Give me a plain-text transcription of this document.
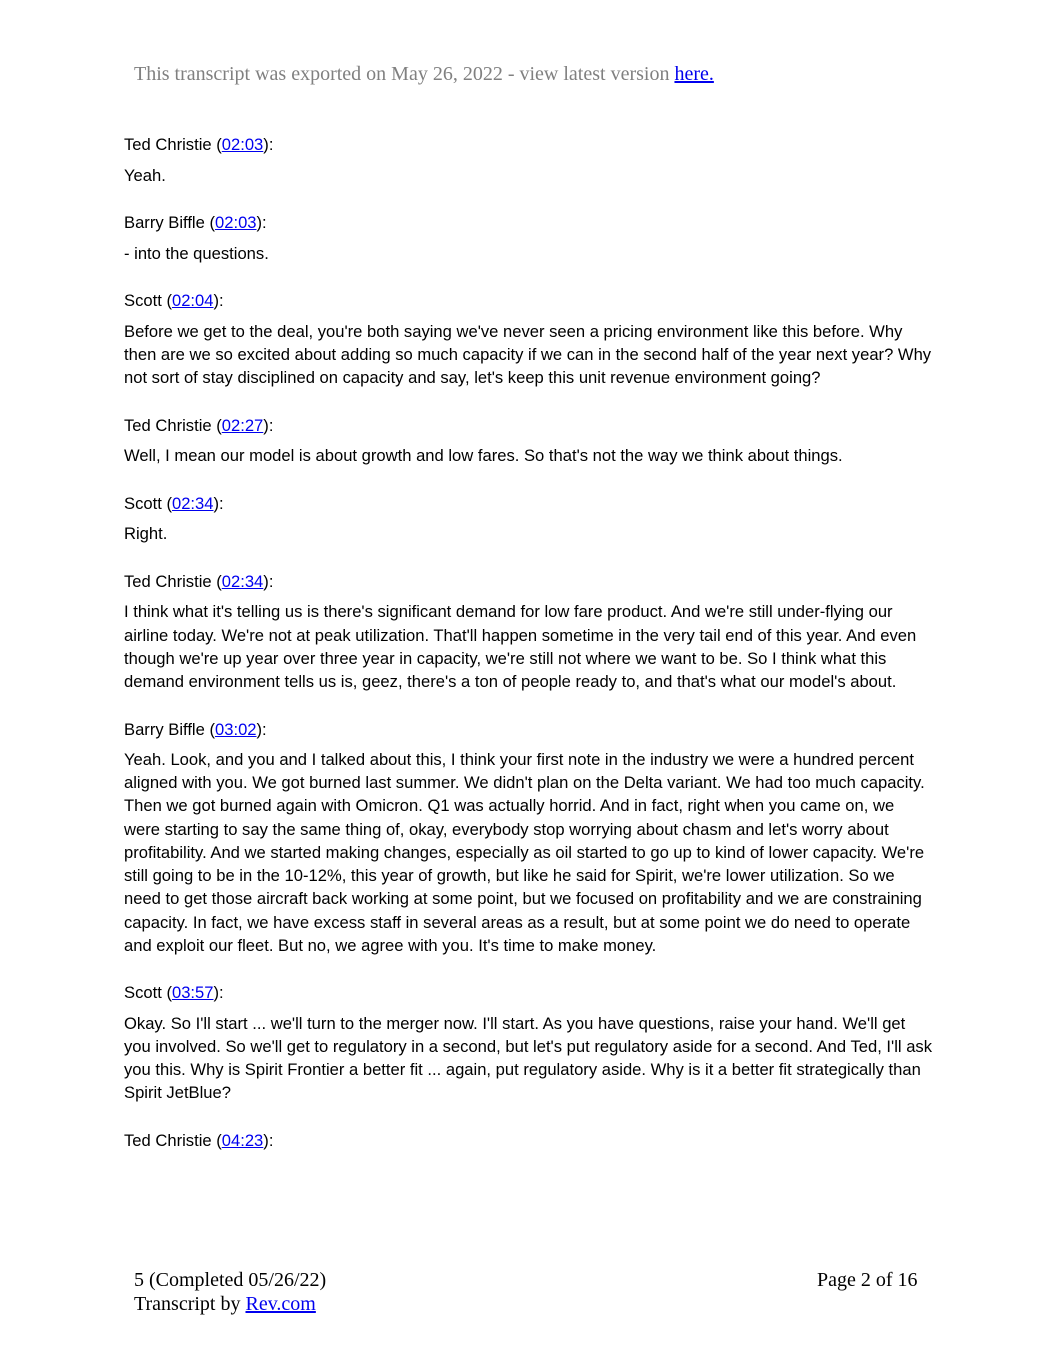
This transcript was exported on May 26, 2022 - view latest version here.
Ted Christie (02:03):
Yeah.
Barry Biffle (02:03):
- into the questions.
Scott (02:04):
Before we get to the deal, you're both saying we've never seen a pricing environment like this before. Why then are we so excited about adding so much capacity if we can in the second half of the year next year? Why not sort of stay disciplined on capacity and say, let's keep this unit revenue environment going?
Ted Christie (02:27):
Well, I mean our model is about growth and low fares. So that's not the way we think about things.
Scott (02:34):
Right.
Ted Christie (02:34):
I think what it's telling us is there's significant demand for low fare product. And we're still under-flying our airline today. We're not at peak utilization. That'll happen sometime in the very tail end of this year. And even though we're up year over three year in capacity, we're still not where we want to be. So I think what this demand environment tells us is, geez, there's a ton of people ready to, and that's what our model's about.
Barry Biffle (03:02):
Yeah. Look, and you and I talked about this, I think your first note in the industry we were a hundred percent aligned with you. We got burned last summer. We didn't plan on the Delta variant. We had too much capacity. Then we got burned again with Omicron. Q1 was actually horrid. And in fact, right when you came on, we were starting to say the same thing of, okay, everybody stop worrying about chasm and let's worry about profitability. And we started making changes, especially as oil started to go up to kind of lower capacity. We're still going to be in the 10-12%, this year of growth, but like he said for Spirit, we're lower utilization. So we need to get those aircraft back working at some point, but we focused on profitability and we are constraining capacity. In fact, we have excess staff in several areas as a result, but at some point we do need to operate and exploit our fleet. But no, we agree with you. It's time to make money.
Scott (03:57):
Okay. So I'll start ... we'll turn to the merger now. I'll start. As you have questions, raise your hand. We'll get you involved. So we'll get to regulatory in a second, but let's put regulatory aside for a second. And Ted, I'll ask you this. Why is Spirit Frontier a better fit ... again, put regulatory aside. Why is it a better fit strategically than Spirit JetBlue?
Ted Christie (04:23):
5 (Completed 05/26/22)
Transcript by Rev.com
Page 2 of 16
